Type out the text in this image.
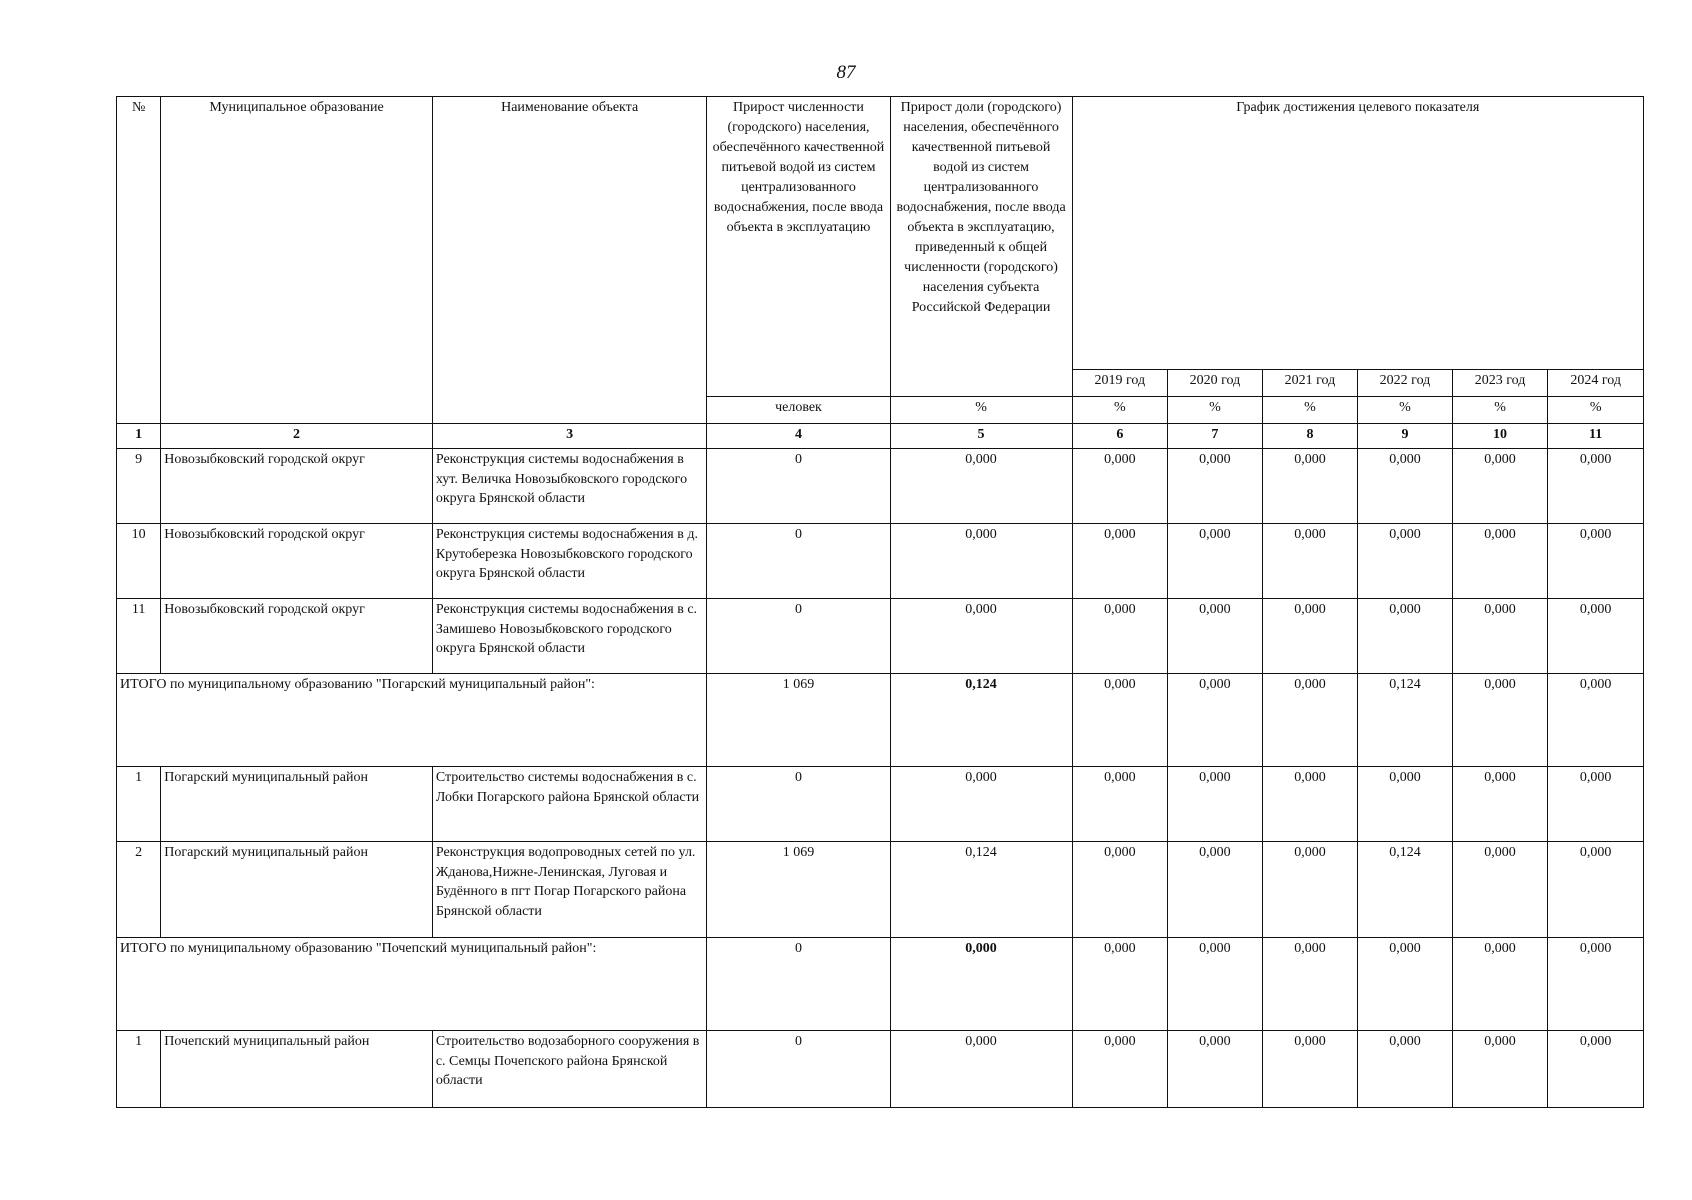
87
№	Муниципальное образование	Наименование объекта	Прирост численности (городского) населения, обеспечённого качественной питьевой водой из систем централизованного водоснабжения, после ввода объекта в эксплуатацию	Прирост доли (городского) населения, обеспечённого качественной питьевой водой из систем централизованного водоснабжения, после ввода объекта в эксплуатацию, приведенный к общей численности (городского) населения субъекта Российской Федерации	График достижения целевого показателя					
					2019 год	2020 год	2021 год	2022 год	2023 год	2024 год
			человек	%	%	%	%	%	%	%
1	2	3	4	5	6	7	8	9	10	11
9	Новозыбковский городской округ	Реконструкция системы водоснабжения в хут. Величка Новозыбковского городского округа Брянской области	0	0,000	0,000	0,000	0,000	0,000	0,000	0,000
10	Новозыбковский городской округ	Реконструкция системы водоснабжения в д. Крутоберезка Новозыбковского городского округа Брянской области	0	0,000	0,000	0,000	0,000	0,000	0,000	0,000
11	Новозыбковский городской округ	Реконструкция системы водоснабжения в с. Замишево Новозыбковского городского округа Брянской области	0	0,000	0,000	0,000	0,000	0,000	0,000	0,000
ИТОГО по муниципальному образованию "Погарский муниципальный район":			1 069	0,124	0,000	0,000	0,000	0,124	0,000	0,000
1	Погарский муниципальный район	Строительство системы водоснабжения в с. Лобки Погарского района Брянской области	0	0,000	0,000	0,000	0,000	0,000	0,000	0,000
2	Погарский муниципальный район	Реконструкция водопроводных сетей по ул. Жданова,Нижне-Ленинская, Луговая и Будённого в пгт Погар Погарского района Брянской области	1 069	0,124	0,000	0,000	0,000	0,124	0,000	0,000
ИТОГО по муниципальному образованию "Почепский муниципальный район":			0	0,000	0,000	0,000	0,000	0,000	0,000	0,000
1	Почепский муниципальный район	Строительство водозаборного сооружения в с. Семцы Почепского района Брянской области	0	0,000	0,000	0,000	0,000	0,000	0,000	0,000
